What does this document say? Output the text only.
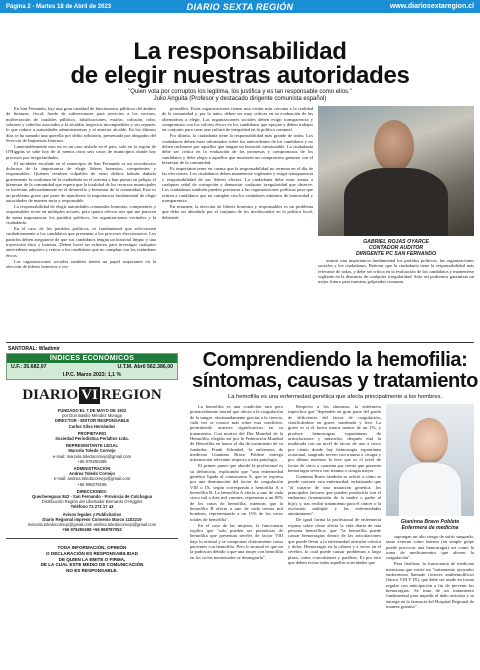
Página 2 - Martes 18 de Abril de 2023	DIARIO SEXTA REGIÓN	www.diariosextaregion.cl
La responsabilidad
de elegir nuestras autoridades
"Quien vota por corruptos los legitima, los justifica y es tan responsable como ellos."
Julio Anguita (Profesor y destacado dirigente comunista español)

En San Fernando, hay una gran cantidad de funcionarios públicos del ámbito de finanzas, fiscal, fondo de subvenciones para servicios a los vecinos, malversación de caudales públicos, falsificaciones, estafas, colusión, robo, soborno y cohecho asociados a la alcaldía, negocios incompatibles y sin reponer, lo que reduce a autoridades administrativas y al anterior alcalde. En los últimos días se ha sumado una querella por delito tributario, presentada por abogados del Servicio de Impuestos Internos.

Lamentablemente esto no es un caso aislado en el país, solo en la región de O'Higgins se sabe hoy de al menos otros seis casos de municipios donde hay procesos por irregularidades.

El incidente escalado en el municipio de San Fernando es un recordatorio doloroso de la importancia de elegir líderes honestos, competentes y responsables. Quienes resulten culpables de estos delitos habrán dañado gravemente la confianza de la ciudadanía en el sistema y han puesto en peligro el bienestar de la comunidad que espera que la totalidad de los recursos municipales se inviertan adecuadamente en el desarrollo y bienestar de la comunidad. Este es un problema grave que pone de manifiesto la importancia fundamental de elegir autoridades de manera seria y responsable.

La responsabilidad de elegir autoridades comunales honestas, competentes y responsables recae en múltiples actores, pero quiero relevar tres que me parecen de suma importancia: los partidos políticos, los organizaciones vecinales y la ciudadanía.

En el caso de los partidos políticos, es fundamental que seleccionen cuidadosamente a los candidatos que presentan a los procesos eleccionarios. Los partidos deben asegurarse de que sus candidatos tengan un historial limpio y una trayectoria ética y honesta. Deben hacer un esfuerzo para investigar cualquier antecedente negativo y retirar a los candidatos que no cumplan con los estándares éticos.

Las organizaciones sociales también tienen un papel importante en la elección de líderes honestos y res-

ponsables. Estas organizaciones tienen una visión más cercana a la realidad de la comunidad y, por lo tanto, deben ser muy críticas en su evaluación de las alternativas a elegir. Las organizaciones sociales deben exigir transparencia y compromiso con los valores éticos en los candidatos que apoyan y deben trabajar en conjunto para crear una cultura de integridad en la política comunal.

Por último, la ciudadanía tiene la responsabilidad más grande de todas. Los ciudadanos deben estar informados sobre los antecedentes de los candidatos y no deben inclinarse por aquellos que tengan un historial cuestionable. La ciudadanía debe ser crítica en la evaluación de las promesas y compromisos de los candidatos y debe elegir a aquellos que muestren un compromiso genuino con el bienestar de la comunidad.

Es importante tener en cuenta que la responsabilidad no termina en el día de las elecciones. Los ciudadanos deben mantenerse vigilantes y exigir transparencia y responsabilidad de sus líderes electos. La ciudadanía debe estar atenta a cualquier señal de corrupción y denunciar cualquier irregularidad que observe. Los ciudadanos también pueden presionar a las organizaciones políticas para que retiren a candidatos que no cumplen con los estándares mínimos de honestidad y transparencia.

En resumen, la elección de líderes honestos y responsables es un problema que debe ser abordado por el conjunto de los involucrados en la política local, debiendo

GABRIEL ROJAS OYARCE
CONTADOR AUDITOR
DIRIGENTE PC SAN FERNANDO

asumir una importancia fundamental los partidos políticos, las organizaciones sociales y los ciudadanos. Reiterar que la ciudadanía tiene la responsabilidad más relevante de todas, y debe ser crítica en la evaluación de los candidatos y mantenerse vigilante en la denuncia de cualquier irregularidad. Solo así podremos garantizar un mejor futuro para nuestras golpeadas comunas.

Comprendiendo la hemofilia:
síntomas, causas y tratamiento
La hemofilia es una enfermedad genética que afecta principalmente a los hombres.

La hemofilia es una condición rara pero potencialmente mortal que afecta a la coagulación de la sangre, afortunadamente gracias a la ciencia, cada vez se conoce más sobre esta condición, permitiendo avances significativos en su tratamiento. Con motivo del Día Mundial de la Hemofilia, elegido así por la Federación Mundial de Hemofilia en honor al día de nacimiento de su fundador, Frank Schnabel, la enfermera de medicina Gianinna Bravo Poblete entrega información relevante respecto a esta patología.

El primer punto que abordó la profesional es su definición, explicando que "una enfermedad genética ligada al cromosoma X, que se expresa por una disminución del factor de coagulación VIII o IX, según corresponda a hemofilia A o hemofilia B. La hemofilia A afecta a uno de cada cinco mil a diez mil varones, representa a un 85% de los casos de hemofilia, mientras que la hemofilia B afecta a uno de cada treinta mil hombres, representando a un 15% de los casos totales de hemofilia".

En el caso de las mujeres, la funcionaria explica que "solo pueden ser portadoras de hemofilia que presentan niveles de factor VIII bajo lo normal y se comportan clínicamente como pacientes con hemofilia. Pero lo normal es que no la padezcan debido a que una mujer con hemofilia en los ciclos menstruales se desangraría".

Respecto a los síntomas, la enfermera especifica que "dependen en gran parte del grado de deficiencia del factor de coagulación, clasificándose en grave, moderada y leve. La grave es si el factor marca menos de un 1%, y produce hemorragias espontáneas de articulaciones y músculos, después está la moderada con un nivel de factor de uno a cinco por ciento donde hay hemorragia espontánea ocasional, sangrado severo con trauma o cirugía y por último tenemos la leve que es el nivel de factor de cinco a cuarenta por ciento que presenta hemorragia severa con trauma o cirugía mayor.

Gianinna Bravo también se refirió a cómo se puede contraer esta enfermedad, enfatizando que "al tratarse de una mutación genética, los principales factores que pueden producirla son el embarazo (transmisión de la madre o padre al hijo), y, tras recibir tratamiento para el cáncer o la exclusión múltiple y las enfermedades autoinmunes".

De igual forma la profesional de enfermería expuso sobre cómo afecta la vida diaria de una persona hemofílica, que "la hemofilia puede causar hemorragias dentro de las articulaciones que puede llevar a la enfermedad articular crónica y dolor. Hemorragia en la cabeza y a veces en el cerebro, lo cual puede causar problemas a largo plazo, como convulsiones y parálisis. Es por esto que deben evitar todas aquellas actividades que

Gianinna Bravo Poblete
Enfermera de medicina

supongan un alto riesgo de sufrir sangrado, tanto externo como interno (en simple golpe puede provocar una hemorragia) así como la toma de medicamentos que alteren la coagulación".

Para finalizar, la funcionaria de medicina menciona que existe un "tratamiento ayuyador endovenoso llamado factores antihemofílicos (factor VIII Y IX), que debe ser usado en forma regular con anticipación a fin de prevenir las hemorragias. Se trata de un tratamiento fundamental para impedir el daño articular y se entrega en la farmacia del Hospital Regional de manera gratuita".

SANTORAL: Wladimir
ÍNDICES ECONÓMICOS
U.F.: 35.682,07	U.T.M. Abril 562.386,00
I.P.C. Marzo 2023: 1,1 %
DIARIO VI REGION
FUNDADO EL 7 DE MAYO DE 1922
por Don Basilio Méndez Moraga
DIRECTOR - EDITOR RESPONSABLE
Carlos Silva Hernández
PROPIETARIO
Sociedad Periodística Perlaltos Ltda.
REPRESENTANTE LEGAL
Marcela Toledo Cornejo
e-mail: marcela.toledocornejo@gmail.com
+56 976250498
ADMINISTRACIÓN
Andrea Toledo Cornejo
e-mail: andrea.toledocornejo@gmail.com
+56 996279198
DIRECCIONES:
Quechereguas 842 - San Fernando - Provincia de Colchagua
Distribución Región del Libertador Bernardo O'Higgins
Teléfono 72 271 17 43
Avisos legales y Publicitarios
Diario Regional impreso Convenio Marco 1102219
marcela.toledocornejo@gmail.com andrea.toledocornejo@gmail.com
+56 976250498 +56 968787052
TODA INFORMACIÓN, OPINIÓN
O DECLARACIÓN ES RESPONSABILIDAD
DE QUIEN LA EMITE O FIRMA,
DE LA CUAL ESTE MEDIO DE COMUNICACIÓN
NO ES RESPONSABLE.
